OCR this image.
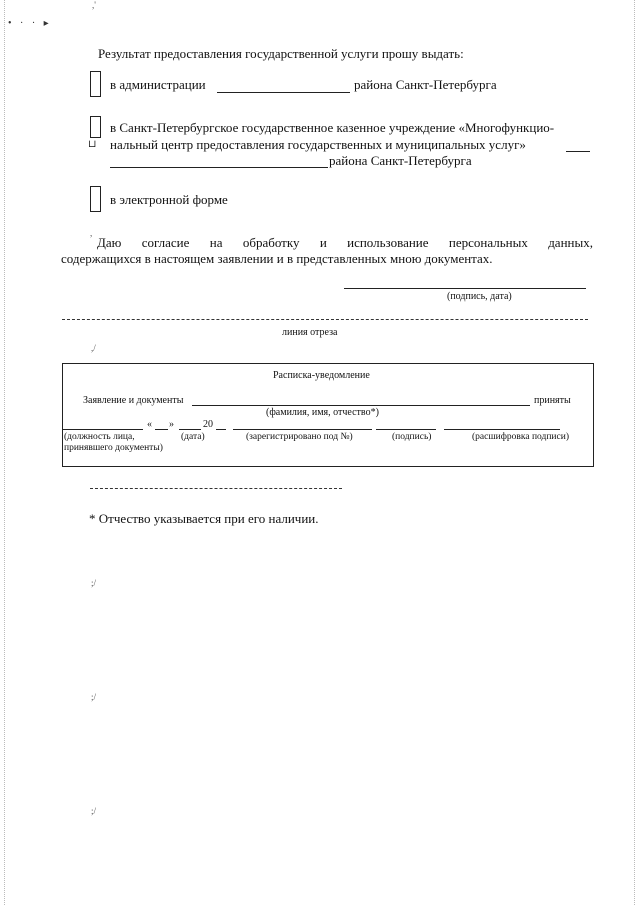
• · · ▸
,'
,
,/
;/
;/
;/
Результат предоставления государственной услуги прошу выдать:
в администрации	района Санкт-Петербурга
⊔
в Санкт-Петербургское государственное казенное учреждение «Многофункцио-
нальный центр предоставления государственных и муниципальных услуг»
района Санкт-Петербурга
в электронной форме
Даю согласие на обработку и использование персональных данных,
содержащихся в настоящем заявлении и в представленных мною документах.
(подпись, дата)
линия отреза
Расписка-уведомление
Заявление и документы	приняты
(фамилия, имя, отчество*)
« »	20
(должность лица,
принявшего документы)
(дата)	(зарегистрировано под №)	(подпись)	(расшифровка подписи)
* Отчество указывается при его наличии.
